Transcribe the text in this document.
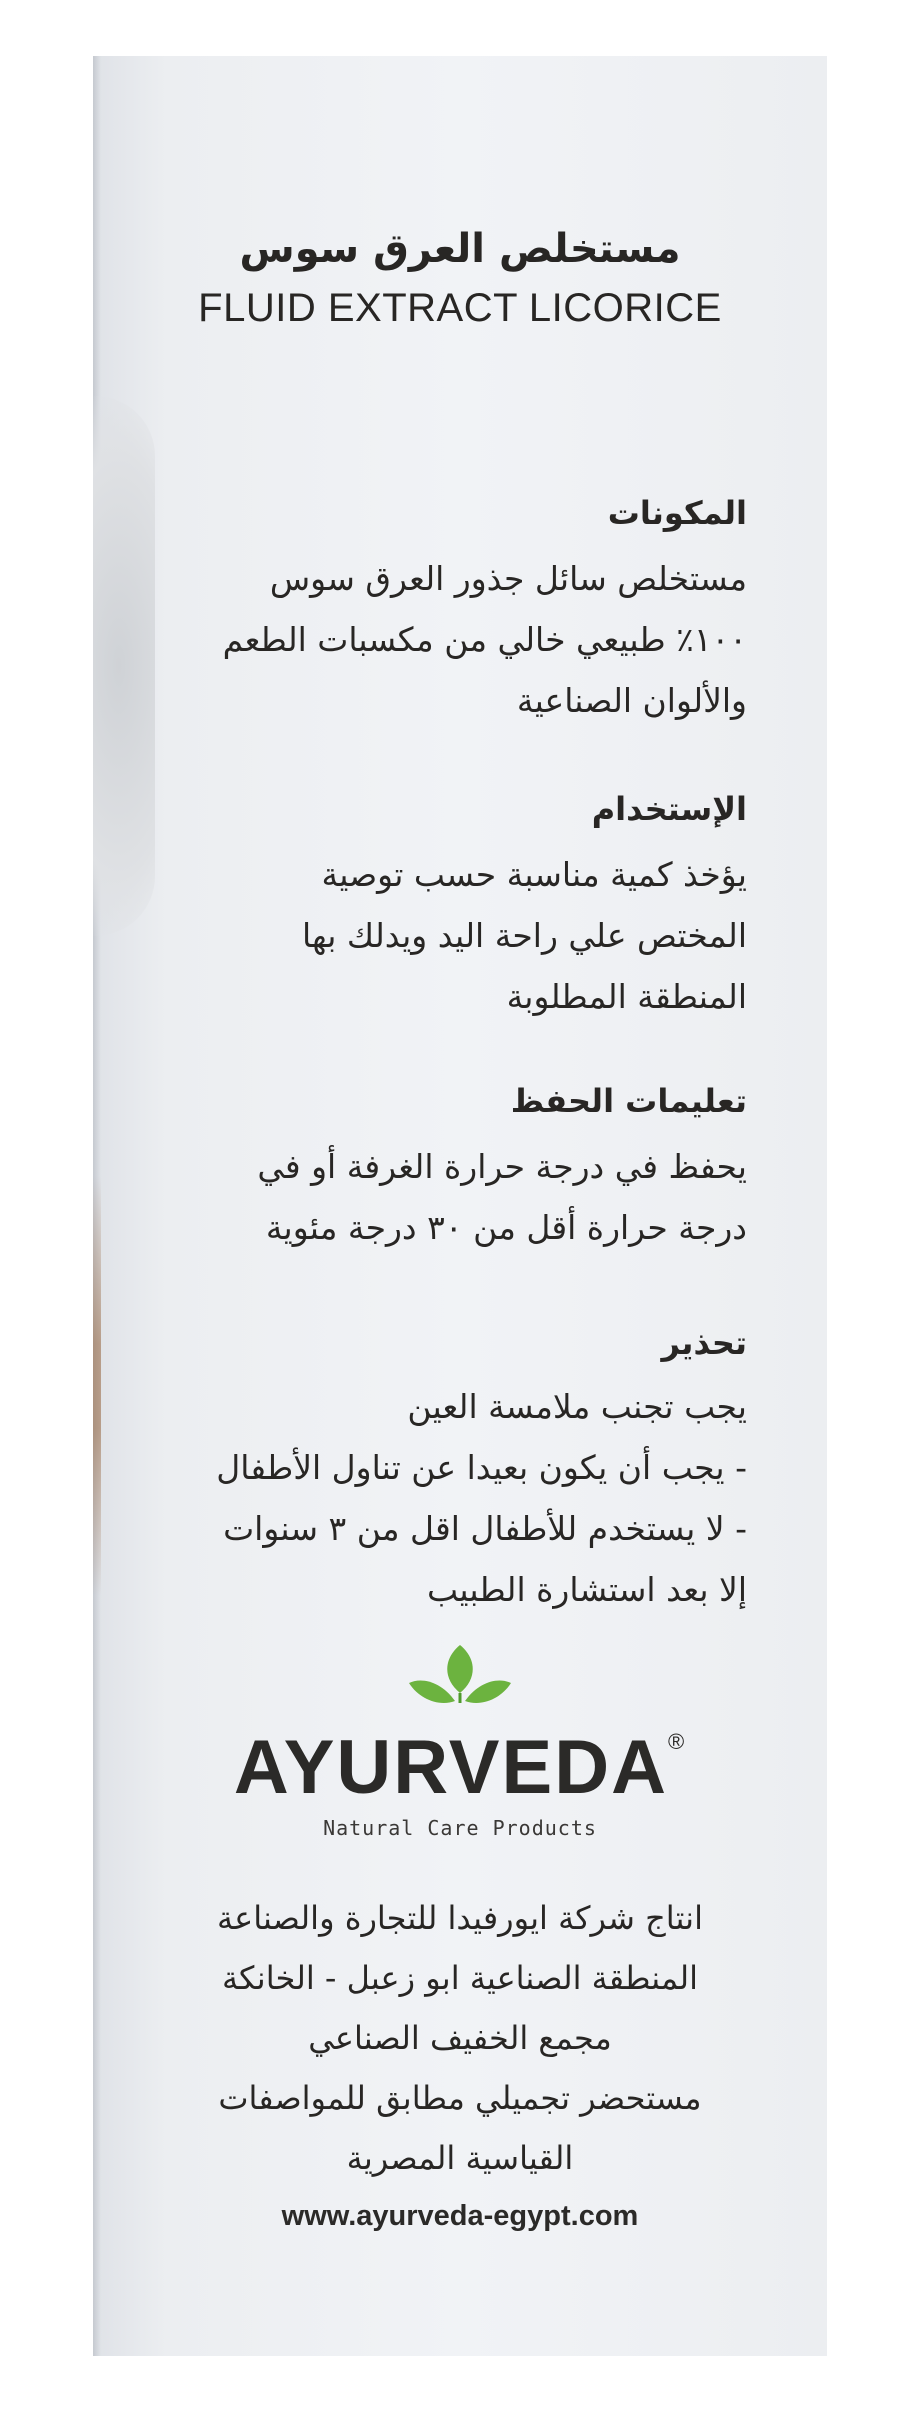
مستخلص العرق سوس
FLUID EXTRACT LICORICE
المكونات
مستخلص سائل جذور العرق سوس
١٠٠٪ طبيعي خالي من مكسبات الطعم
والألوان الصناعية
الإستخدام
يؤخذ كمية مناسبة حسب توصية
المختص علي راحة اليد ويدلك بها
المنطقة المطلوبة
تعليمات الحفظ
يحفظ في درجة حرارة الغرفة أو في
درجة حرارة أقل من ٣٠ درجة مئوية
تحذير
يجب تجنب ملامسة العين
- يجب أن يكون بعيدا عن تناول الأطفال
- لا يستخدم للأطفال اقل من ٣ سنوات
إلا بعد استشارة الطبيب
AYURVEDA®
Natural Care Products
انتاج شركة ايورفيدا للتجارة والصناعة
المنطقة الصناعية ابو زعبل - الخانكة
مجمع الخفيف الصناعي
مستحضر تجميلي مطابق للمواصفات
القياسية المصرية
www.ayurveda-egypt.com
